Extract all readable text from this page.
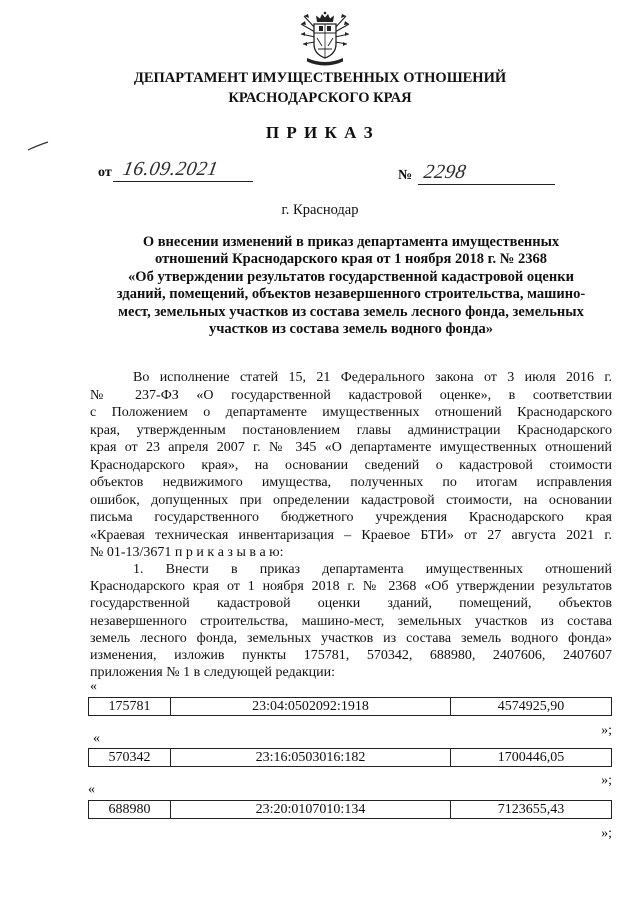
ДЕПАРТАМЕНТ ИМУЩЕСТВЕННЫХ ОТНОШЕНИЙ
КРАСНОДАРСКОГО КРАЯ
П Р И К А З
от 16.09.2021	№ 2298
г. Краснодар
О внесении изменений в приказ департамента имущественных
отношений Краснодарского края от 1 ноября 2018 г. № 2368
«Об утверждении результатов государственной кадастровой оценки
зданий, помещений, объектов незавершенного строительства, машино-
мест, земельных участков из состава земель лесного фонда, земельных
участков из состава земель водного фонда»
Во исполнение статей 15, 21 Федерального закона от 3 июля 2016 г.
№ 237-ФЗ «О государственной кадастровой оценке», в соответствии
с Положением о департаменте имущественных отношений Краснодарского
края, утвержденным постановлением главы администрации Краснодарского
края от 23 апреля 2007 г. № 345 «О департаменте имущественных отношений
Краснодарского края», на основании сведений о кадастровой стоимости
объектов недвижимого имущества, полученных по итогам исправления
ошибок, допущенных при определении кадастровой стоимости, на основании
письма государственного бюджетного учреждения Краснодарского края
«Краевая техническая инвентаризация – Краевое БТИ» от 27 августа 2021 г.
№ 01-13/3671 п р и к а з ы в а ю:
1. Внести в приказ департамента имущественных отношений
Краснодарского края от 1 ноября 2018 г. № 2368 «Об утверждении результатов
государственной кадастровой оценки зданий, помещений, объектов
незавершенного строительства, машино-мест, земельных участков из состава
земель лесного фонда, земельных участков из состава земель водного фонда»
изменения, изложив пункты 175781, 570342, 688980, 2407606, 2407607
приложения № 1 в следующей редакции:
«
175781	23:04:0502092:1918	4574925,90
»;
«
570342	23:16:0503016:182	1700446,05
»;
«
688980	23:20:0107010:134	7123655,43
»;
